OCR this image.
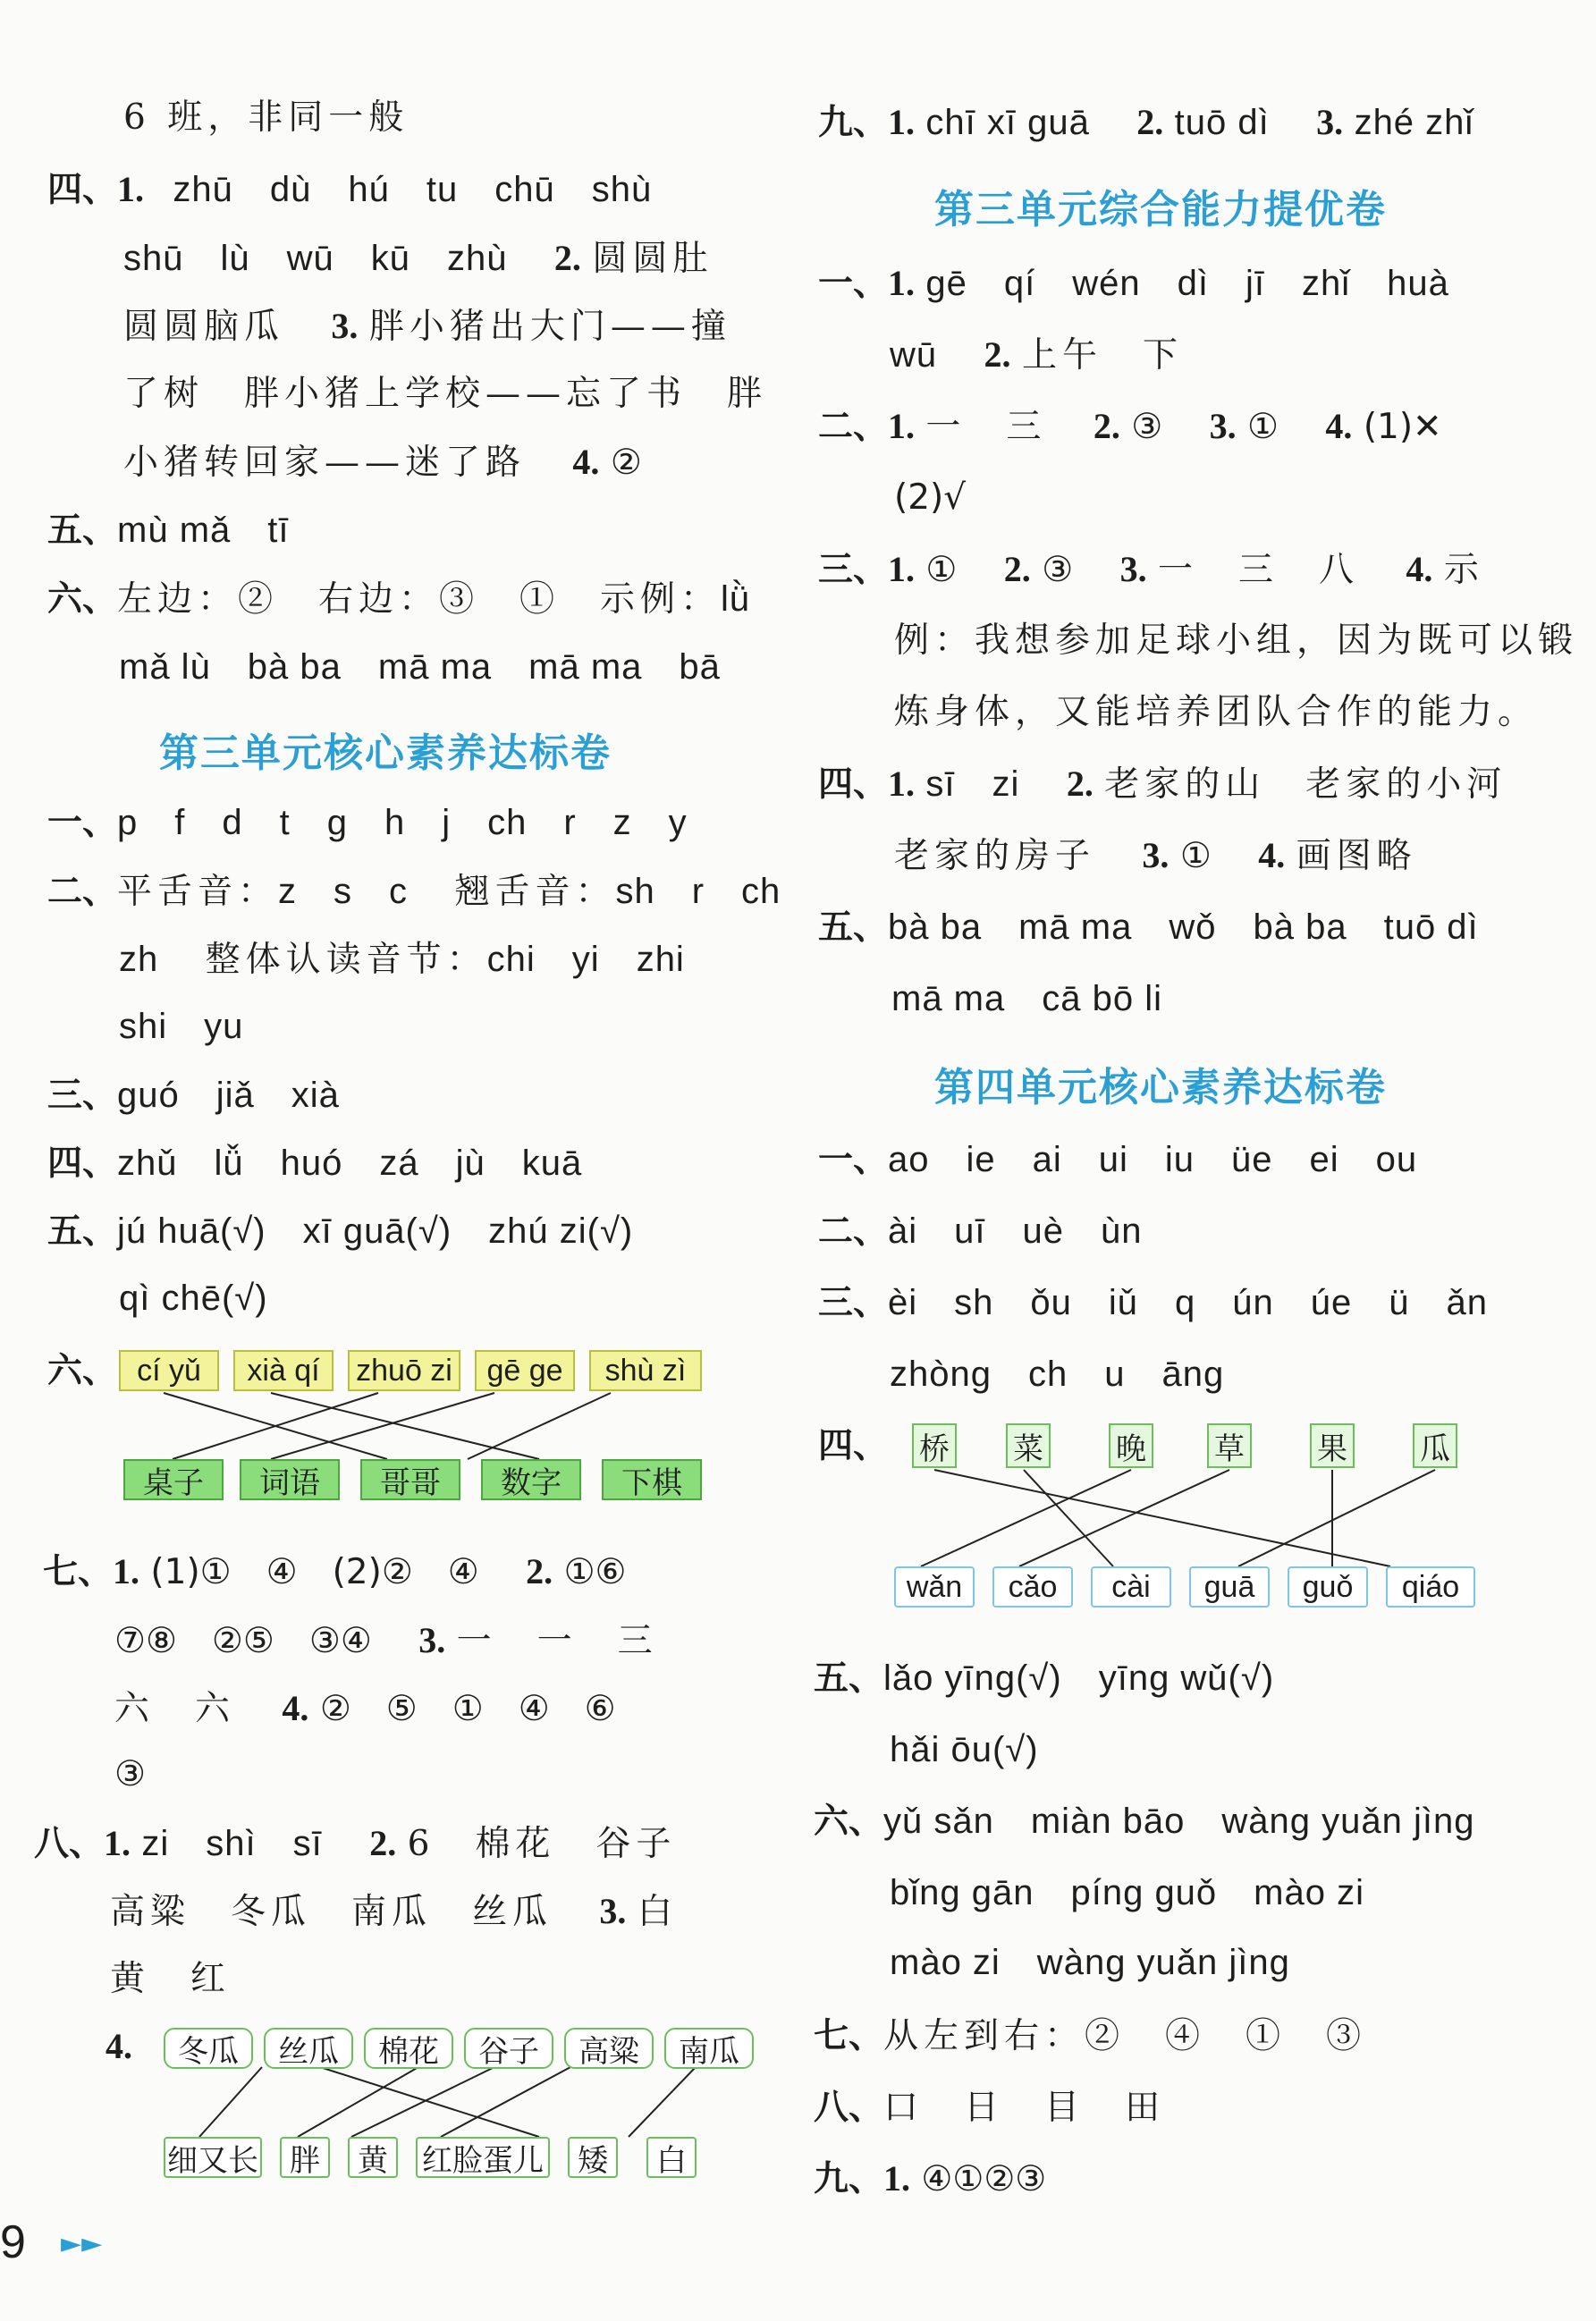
6 班，非同一般
四、1. zhū　dù　hú　tu　chū　shù
shū　lù　wū　kū　zhù 2. 圆圆肚
圆圆脑瓜 3. 胖小猪出大门——撞
了树　胖小猪上学校——忘了书　胖
小猪转回家——迷了路 4. ②
五、mù mǎ　tī
六、左边：②　右边：③　①　示例：lǜ
mǎ lù　bà ba　mā ma　mā ma　bā
第三单元核心素养达标卷
一、p　f　d　t　g　h　j　ch　r　z　y
二、平舌音：z　s　c 翘舌音：sh　r　ch
zh 整体认读音节：chi　yi　zhi
shi　yu
三、guó　jiǎ　xià
四、zhǔ　lǚ　huó　zá　jù　kuā
五、jú huā(√)　xī guā(√)　zhú zi(√)
qì chē(√)
六、 cí yǔ	xià qí	zhuō zi	gē ge	shù zì
桌子	词语	哥哥	数字	下棋
七、1. (1)①　④　(2)②　④ 2. ①⑥
⑦⑧　②⑤　③④ 3. 一　一　三
六　六 4. ②　⑤　①　④　⑥
③
八、1. zi　shì　sī 2. 6　棉花　谷子
高粱　冬瓜　南瓜　丝瓜 3. 白
黄　红
4.	冬瓜	丝瓜	棉花	谷子	高粱	南瓜
细又长	胖	黄	红脸蛋儿	矮	白
九、1. chī xī guā 2. tuō dì 3. zhé zhǐ
第三单元综合能力提优卷
一、1. gē　qí　wén　dì　jī　zhǐ　huà
wū 2. 上午　下
二、1. 一　三 2. ③ 3. ① 4. (1)✕
(2)√
三、1. ① 2. ③ 3. 一　三　八 4. 示
例：我想参加足球小组，因为既可以锻
炼身体，又能培养团队合作的能力。
四、1. sī　zi 2. 老家的山　老家的小河
老家的房子 3. ① 4. 画图略
五、bà ba　mā ma　wǒ　bà ba　tuō dì
mā ma　cā bō li
第四单元核心素养达标卷
一、ao　ie　ai　ui　iu　üe　ei　ou
二、ài　uī　uè　ùn
三、èi　sh　ǒu　iǔ　q　ún　úe　ü　ǎn
zhòng　ch　u　āng
四、 桥 菜 晚 草 果 瓜
wǎn	cǎo	cài	guā	guǒ	qiáo
五、lǎo yīng(√)　yīng wǔ(√)
hǎi ōu(√)
六、yǔ sǎn　miàn bāo　wàng yuǎn jìng
bǐng gān　píng guǒ　mào zi
mào zi　wàng yuǎn jìng
七、从左到右：②　④　①　③
八、口　日　目　田
九、1. ④①②③
9 ►►
